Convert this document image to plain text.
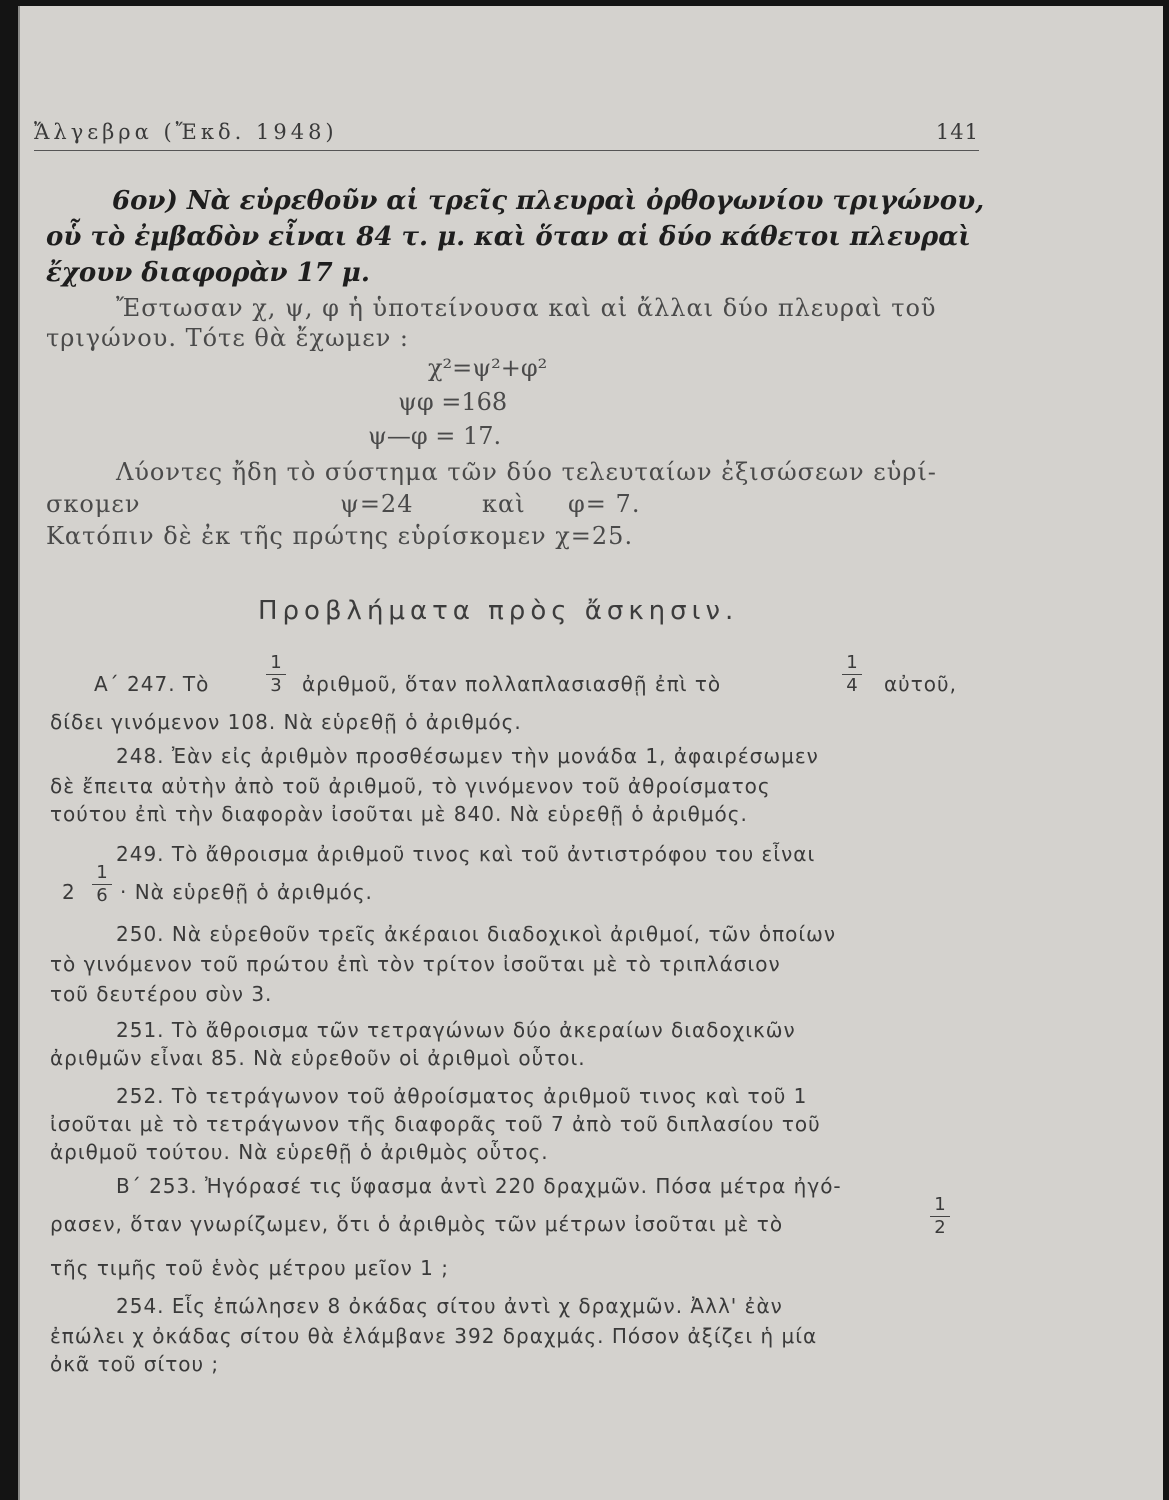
Ἄλγεβρα (Ἔκδ. 1948)	141
6ον) Νὰ εὑρεθοῦν αἱ τρεῖς πλευραὶ ὀρθογωνίου τριγώνου,
οὗ τὸ ἐμβαδὸν εἶναι 84 τ. μ. καὶ ὅταν αἱ δύο κάθετοι πλευραὶ
ἔχουν διαφορὰν 17 μ.
Ἔστωσαν χ, ψ, φ ἡ ὑποτείνουσα καὶ αἱ ἄλλαι δύο πλευραὶ τοῦ
τριγώνου. Τότε θὰ ἔχωμεν :
χ²=ψ²+φ²
ψφ =168
ψ—φ = 17.
Λύοντες ἤδη τὸ σύστημα τῶν δύο τελευταίων ἐξισώσεων εὑρί-
σκομεν	ψ=24	καὶ φ= 7.
Κατόπιν δὲ ἐκ τῆς πρώτης εὑρίσκομεν χ=25.
Προβλήματα πρὸς ἄσκησιν.
Α΄ 247. Τὸ
1
3	ἀριθμοῦ, ὅταν πολλαπλασιασθῇ ἐπὶ τὸ
1
4	αὐτοῦ,
δίδει γινόμενον 108. Νὰ εὑρεθῇ ὁ ἀριθμός.
248. Ἐὰν εἰς ἀριθμὸν προσθέσωμεν τὴν μονάδα 1, ἀφαιρέσωμεν
δὲ ἔπειτα αὐτὴν ἀπὸ τοῦ ἀριθμοῦ, τὸ γινόμενον τοῦ ἀθροίσματος
τούτου ἐπὶ τὴν διαφορὰν ἰσοῦται μὲ 840. Νὰ εὑρεθῇ ὁ ἀριθμός.
249. Τὸ ἄθροισμα ἀριθμοῦ τινος καὶ τοῦ ἀντιστρόφου του εἶναι
2
1
6 · Νὰ εὑρεθῇ ὁ ἀριθμός.
250. Νὰ εὑρεθοῦν τρεῖς ἀκέραιοι διαδοχικοὶ ἀριθμοί, τῶν ὁποίων
τὸ γινόμενον τοῦ πρώτου ἐπὶ τὸν τρίτον ἰσοῦται μὲ τὸ τριπλάσιον
τοῦ δευτέρου σὺν 3.
251. Τὸ ἄθροισμα τῶν τετραγώνων δύο ἀκεραίων διαδοχικῶν
ἀριθμῶν εἶναι 85. Νὰ εὑρεθοῦν οἱ ἀριθμοὶ οὗτοι.
252. Τὸ τετράγωνον τοῦ ἀθροίσματος ἀριθμοῦ τινος καὶ τοῦ 1
ἰσοῦται μὲ τὸ τετράγωνον τῆς διαφορᾶς τοῦ 7 ἀπὸ τοῦ διπλασίου τοῦ
ἀριθμοῦ τούτου. Νὰ εὑρεθῇ ὁ ἀριθμὸς οὗτος.
Β΄ 253. Ἠγόρασέ τις ὕφασμα ἀντὶ 220 δραχμῶν. Πόσα μέτρα ἠγό-
ρασεν, ὅταν γνωρίζωμεν, ὅτι ὁ ἀριθμὸς τῶν μέτρων ἰσοῦται μὲ τὸ
1
2
τῆς τιμῆς τοῦ ἑνὸς μέτρου μεῖον 1 ;
254. Εἷς ἐπώλησεν 8 ὀκάδας σίτου ἀντὶ χ δραχμῶν. Ἀλλ' ἐὰν
ἐπώλει χ ὀκάδας σίτου θὰ ἐλάμβανε 392 δραχμάς. Πόσον ἀξίζει ἡ μία
ὀκᾶ τοῦ σίτου ;
